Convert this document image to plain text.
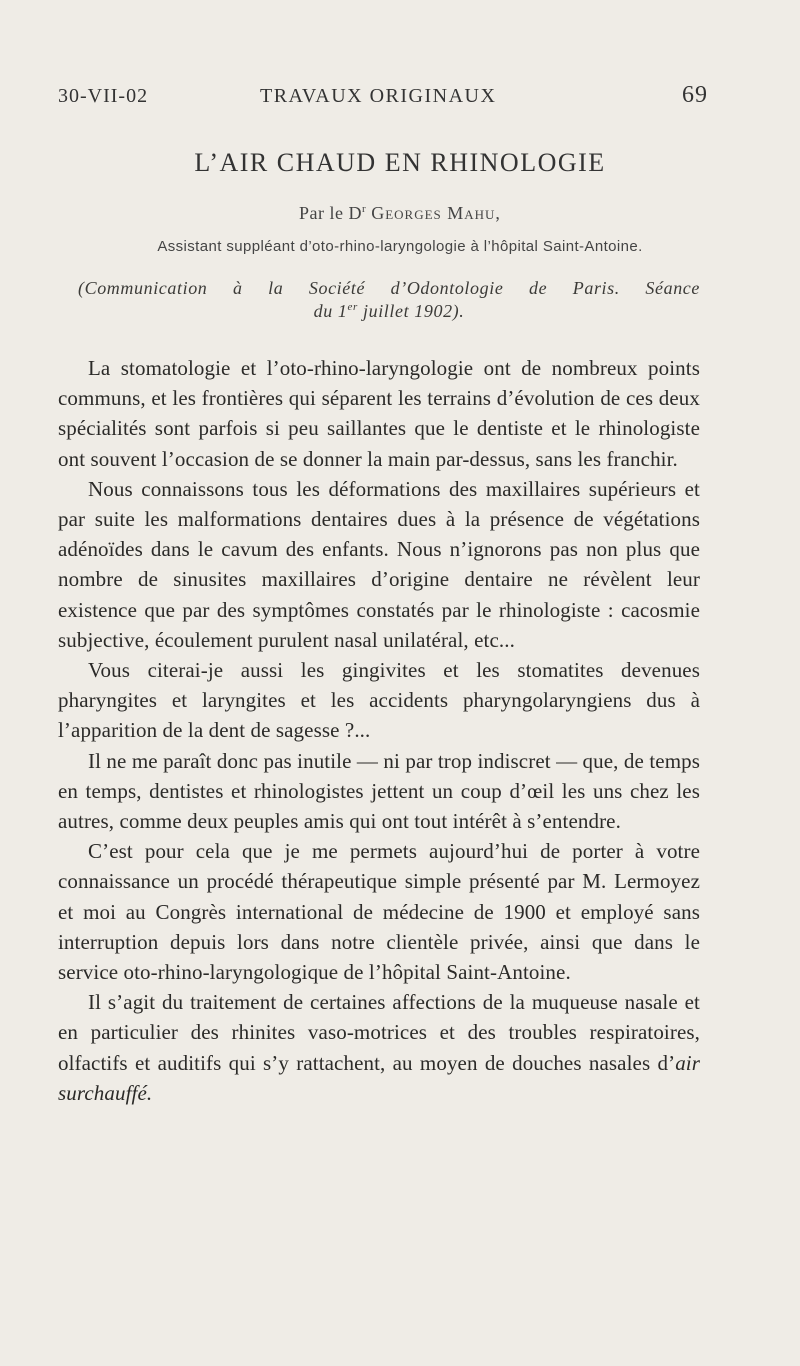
30-VII-02	TRAVAUX ORIGINAUX	69
L’AIR CHAUD EN RHINOLOGIE
Par le $D^r$ Georges Mahu,
Assistant suppléant d’oto-rhino-laryngologie à l’hôpital Saint-Antoine.
(Communication à la Société d’Odontologie de Paris. Séance
du 1er juillet 1902).

La stomatologie et l’oto-rhino-laryngologie ont de nombreux points communs, et les frontières qui séparent les terrains d’évolution de ces deux spécialités sont parfois si peu saillantes que le dentiste et le rhinologiste ont souvent l’occasion de se donner la main par-dessus, sans les franchir.

Nous connaissons tous les déformations des maxillaires supérieurs et par suite les malformations dentaires dues à la présence de végétations adénoïdes dans le cavum des enfants. Nous n’ignorons pas non plus que nombre de sinusites maxillaires d’origine dentaire ne révèlent leur existence que par des symptômes constatés par le rhinologiste : cacosmie subjective, écoulement purulent nasal unilatéral, etc...

Vous citerai-je aussi les gingivites et les stomatites devenues pharyngites et laryngites et les accidents pharyngolaryngiens dus à l’apparition de la dent de sagesse ?...

Il ne me paraît donc pas inutile — ni par trop indiscret — que, de temps en temps, dentistes et rhinologistes jettent un coup d’œil les uns chez les autres, comme deux peuples amis qui ont tout intérêt à s’entendre.

C’est pour cela que je me permets aujourd’hui de porter à votre connaissance un procédé thérapeutique simple présenté par M. Lermoyez et moi au Congrès international de médecine de 1900 et employé sans interruption depuis lors dans notre clientèle privée, ainsi que dans le service oto-rhino-laryngologique de l’hôpital Saint-Antoine.

Il s’agit du traitement de certaines affections de la muqueuse nasale et en particulier des rhinites vaso-motrices et des troubles respiratoires, olfactifs et auditifs qui s’y rattachent, au moyen de douches nasales d’air surchauffé.
